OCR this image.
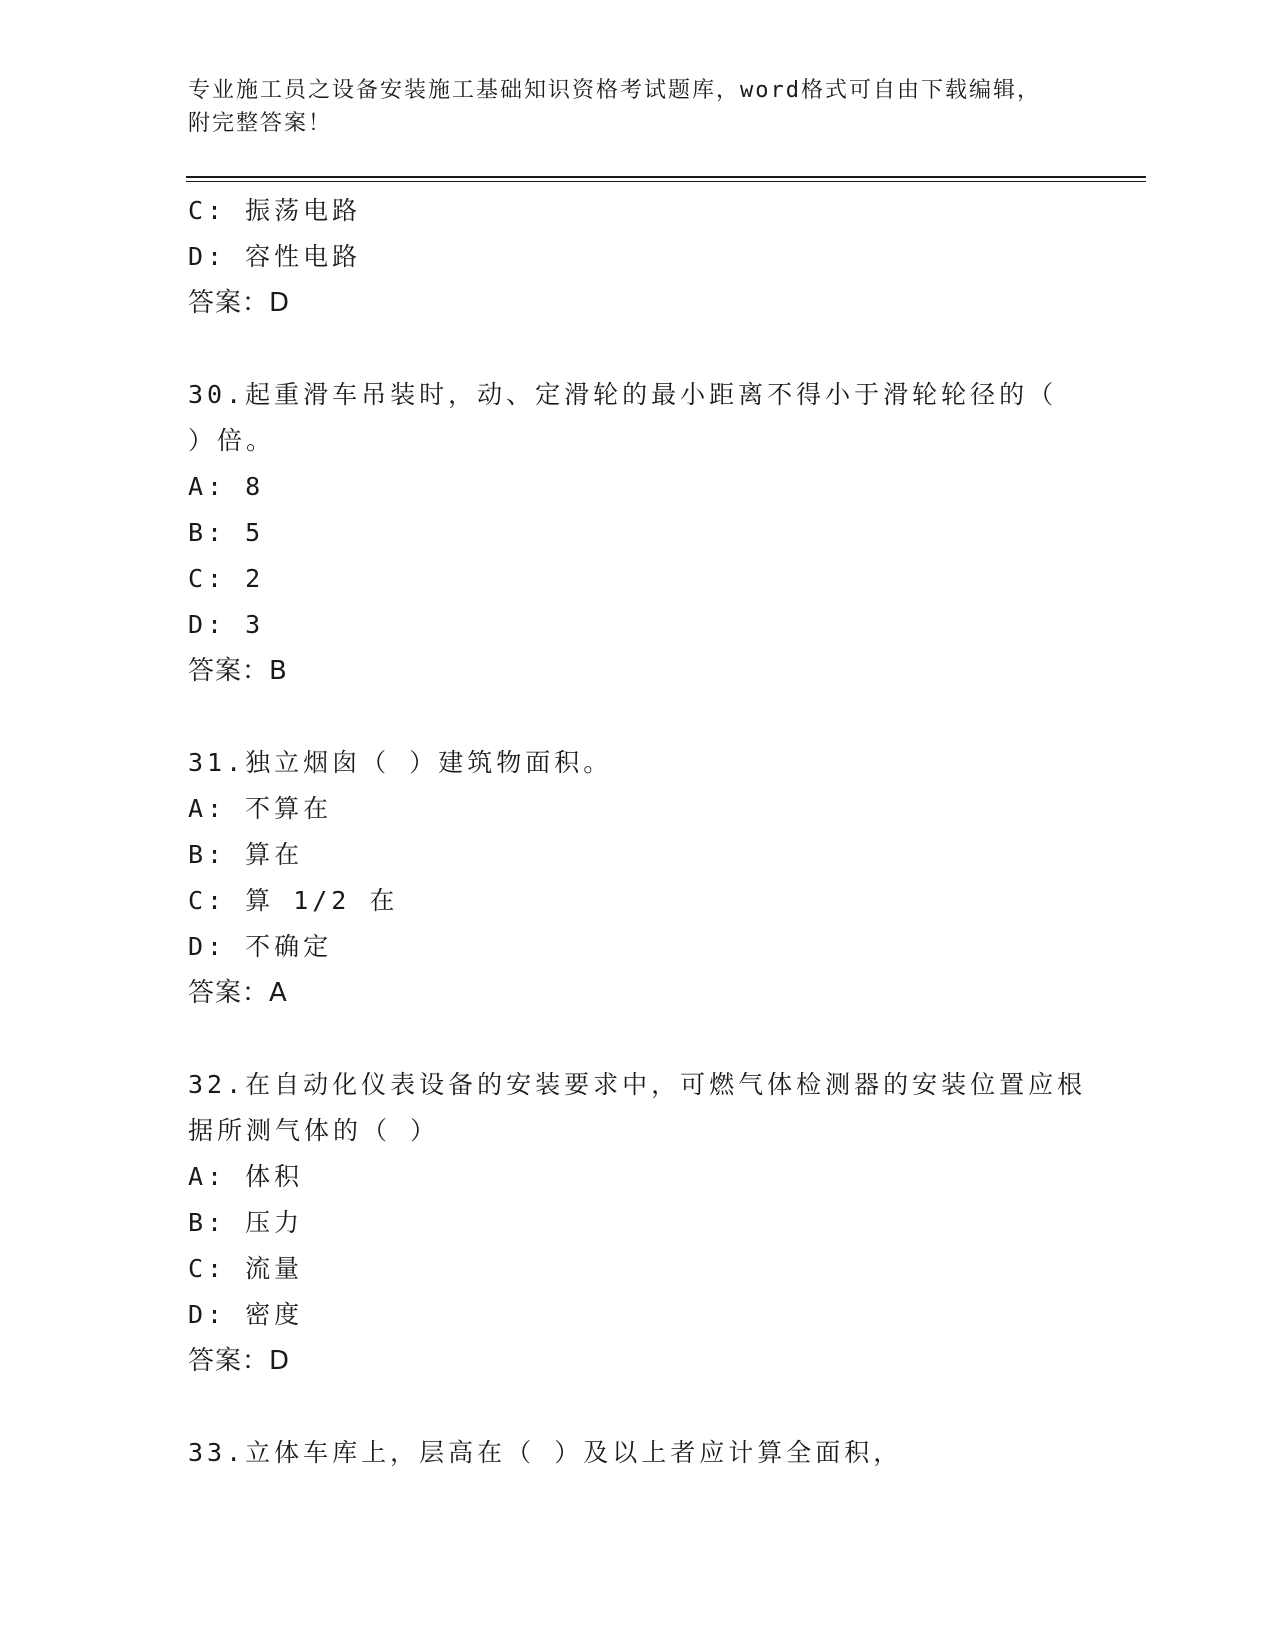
专业施工员之设备安装施工基础知识资格考试题库，word格式可自由下载编辑，
附完整答案！
C: 振荡电路
D: 容性电路
答案：D
30.起重滑车吊装时，动、定滑轮的最小距离不得小于滑轮轮径的（
）倍。
A: 8
B: 5
C: 2
D: 3
答案：B
31.独立烟囱（ ）建筑物面积。
A: 不算在
B: 算在
C: 算 1/2 在
D: 不确定
答案：A
32.在自动化仪表设备的安装要求中，可燃气体检测器的安装位置应根
据所测气体的（ ）
A: 体积
B: 压力
C: 流量
D: 密度
答案：D
33.立体车库上，层高在（ ）及以上者应计算全面积，
